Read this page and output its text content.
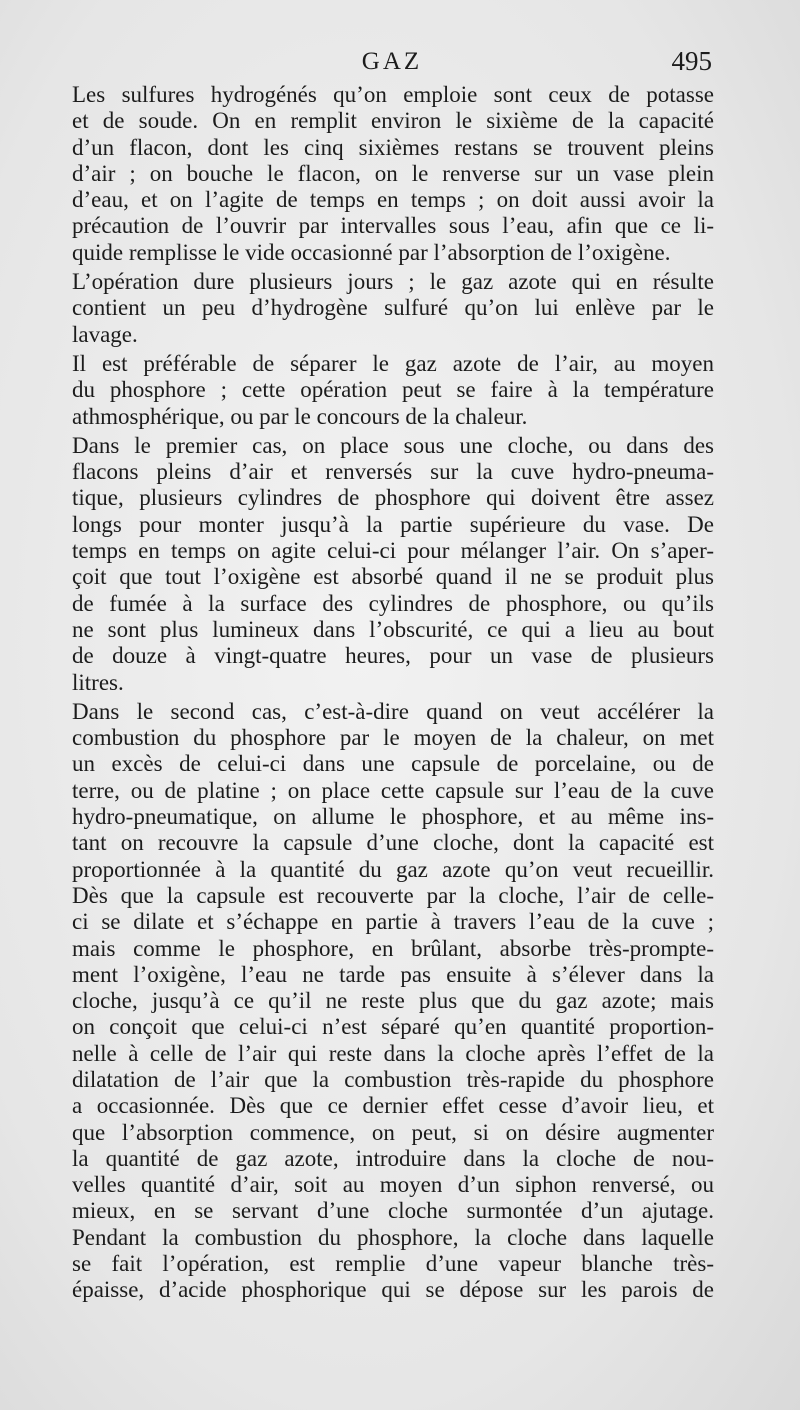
GAZ	495

Les sulfures hydrogénés qu’on emploie sont ceux de potasse
et de soude. On en remplit environ le sixième de la capacité
d’un flacon, dont les cinq sixièmes restans se trouvent pleins
d’air ; on bouche le flacon, on le renverse sur un vase plein
d’eau, et on l’agite de temps en temps ; on doit aussi avoir la
précaution de l’ouvrir par intervalles sous l’eau, afin que ce li-
quide remplisse le vide occasionné par l’absorption de l’oxigène.

L’opération dure plusieurs jours ; le gaz azote qui en résulte
contient un peu d’hydrogène sulfuré qu’on lui enlève par le
lavage.

Il est préférable de séparer le gaz azote de l’air, au moyen
du phosphore ; cette opération peut se faire à la température
athmosphérique, ou par le concours de la chaleur.

Dans le premier cas, on place sous une cloche, ou dans des
flacons pleins d’air et renversés sur la cuve hydro-pneuma-
tique, plusieurs cylindres de phosphore qui doivent être assez
longs pour monter jusqu’à la partie supérieure du vase. De
temps en temps on agite celui-ci pour mélanger l’air. On s’aper-
çoit que tout l’oxigène est absorbé quand il ne se produit plus
de fumée à la surface des cylindres de phosphore, ou qu’ils
ne sont plus lumineux dans l’obscurité, ce qui a lieu au bout
de douze à vingt-quatre heures, pour un vase de plusieurs
litres.

Dans le second cas, c’est-à-dire quand on veut accélérer la
combustion du phosphore par le moyen de la chaleur, on met
un excès de celui-ci dans une capsule de porcelaine, ou de
terre, ou de platine ; on place cette capsule sur l’eau de la cuve
hydro-pneumatique, on allume le phosphore, et au même ins-
tant on recouvre la capsule d’une cloche, dont la capacité est
proportionnée à la quantité du gaz azote qu’on veut recueillir.
Dès que la capsule est recouverte par la cloche, l’air de celle-
ci se dilate et s’échappe en partie à travers l’eau de la cuve ;
mais comme le phosphore, en brûlant, absorbe très-promptе-
ment l’oxigène, l’eau ne tarde pas ensuite à s’élever dans la
cloche, jusqu’à ce qu’il ne reste plus que du gaz azote; mais
on conçoit que celui-ci n’est séparé qu’en quantité proportion-
nelle à celle de l’air qui reste dans la cloche après l’effet de la
dilatation de l’air que la combustion très-rapide du phosphore
a occasionnée. Dès que ce dernier effet cesse d’avoir lieu, et
que l’absorption commence, on peut, si on désire augmenter
la quantité de gaz azote, introduire dans la cloche de nou-
velles quantité d’air, soit au moyen d’un siphon renversé, ou
mieux, en se servant d’une cloche surmontée d’un ajutage.
Pendant la combustion du phosphore, la cloche dans laquelle
se fait l’opération, est remplie d’une vapeur blanche très-
épaisse, d’acide phosphorique qui se dépose sur les parois de
